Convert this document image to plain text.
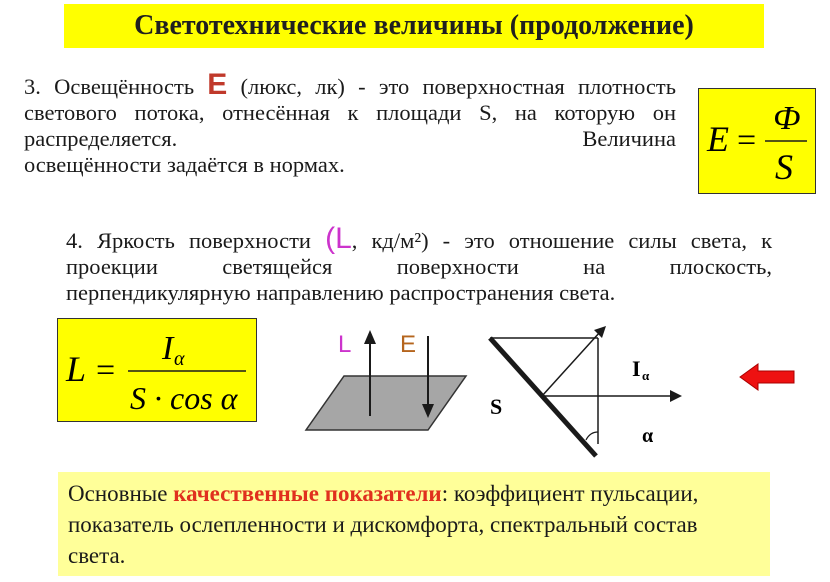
Светотехнические величины (продолжение)
3. Освещённость Е (люкс, лк) - это поверхностная плотность светового потока, отнесённая к площади S, на которую он распределяется. Величина
освещённости задаётся в нормах.
E =
Ф
S
4. Яркость поверхности (L, кд/м²) - это отношение силы света, к проекции светящейся поверхности на плоскость,
перпендикулярную направлению распространения света.
L =
I α
S · cos α
L E
S
I α
α
Основные качественные показатели: коэффициент пульсации, показатель ослепленности и дискомфорта, спектральный состав света.
